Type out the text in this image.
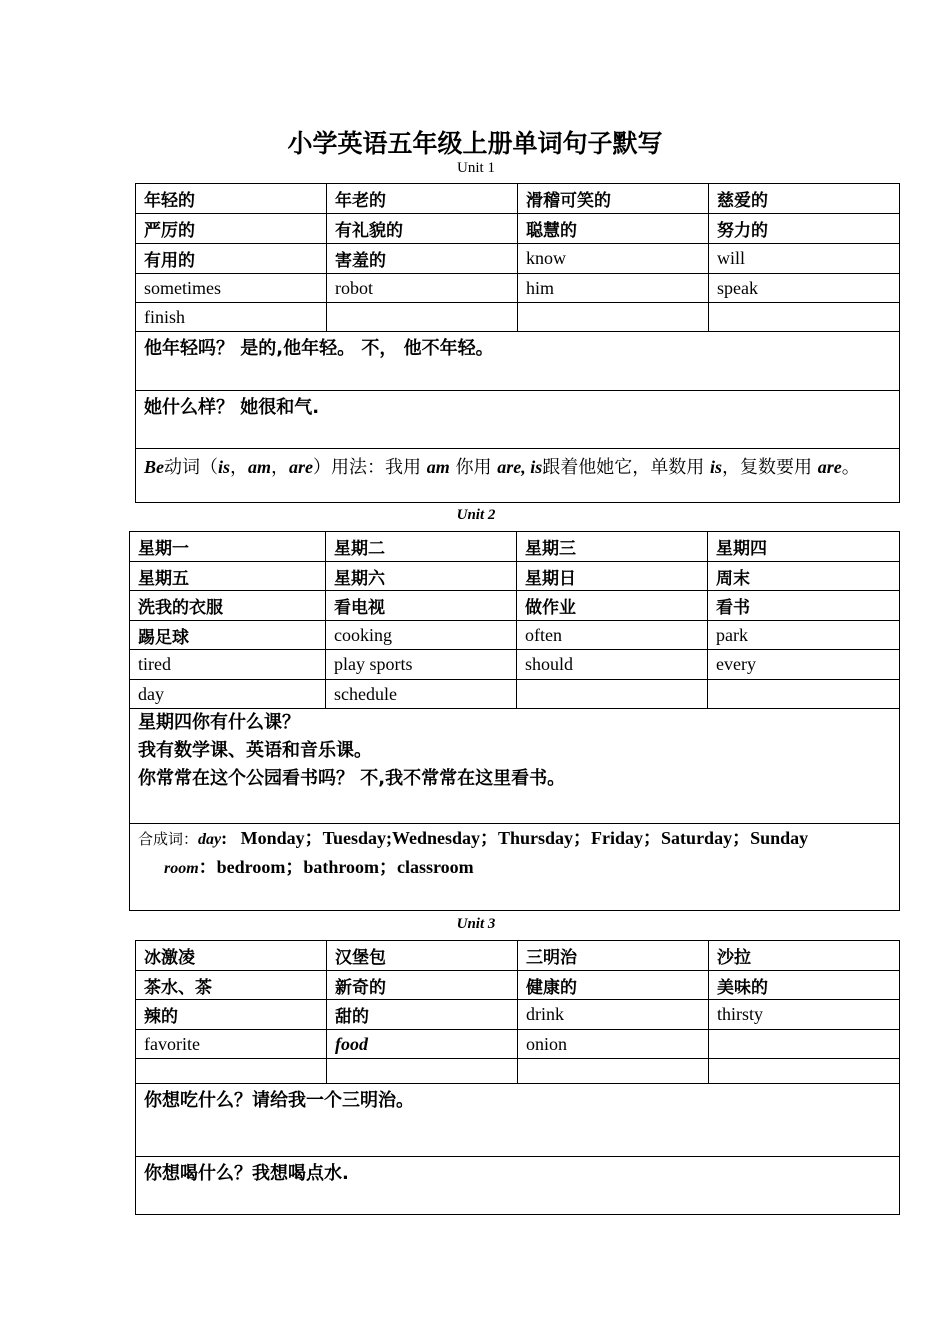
小学英语五年级上册单词句子默写
Unit 1
年轻的	年老的	滑稽可笑的	慈爱的
严厉的	有礼貌的	聪慧的	努力的
有用的	害羞的	know	will
sometimes	robot	him	speak
finish			
他年轻吗？ 是的,他年轻。 不， 他不年轻。			
她什么样？ 她很和气.			
Be动词（is，am，are）用法：我用 am 你用 are, is跟着他她它，单数用 is，复数要用 are。			
Unit 2
星期一	星期二	星期三	星期四
星期五	星期六	星期日	周末
洗我的衣服	看电视	做作业	看书
踢足球	cooking	often	park
tired	play sports	should	every
day	schedule		

星期四你有什么课？
我有数学课、英语和音乐课。
你常常在这个公园看书吗？ 不,我不常常在这里看书。			

合成词：day:   Monday；Tuesday;Wednesday；Thursday；Friday；Saturday；Sunday
room：bedroom；bathroom；classroom			
Unit 3
冰激凌	汉堡包	三明治	沙拉
茶水、茶	新奇的	健康的	美味的
辣的	甜的	drink	thirsty
favorite	food	onion	

你想吃什么？请给我一个三明治。			
你想喝什么？我想喝点水.			
